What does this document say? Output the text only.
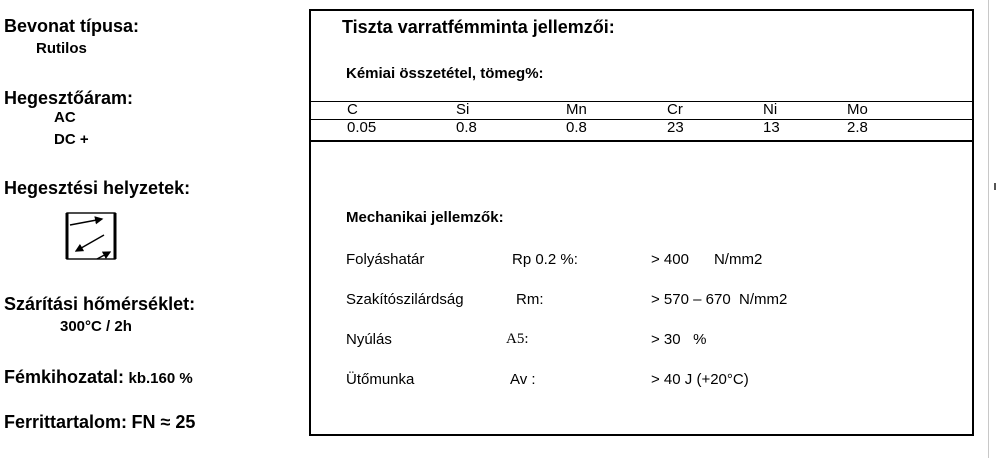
Bevonat típusa:
Rutilos
Hegesztőáram:
AC
DC +
Hegesztési helyzetek:
Szárítási hőmérséklet:
300°C / 2h
Fémkihozatal: kb.160 %
Ferrittartalom: FN ≈ 25
Tiszta varratfémminta jellemzői:
Kémiai összetétel, tömeg%:
C	Si	Mn	Cr	Ni	Mo
0.05	0.8	0.8	23	13	2.8
Mechanikai jellemzők:
Folyáshatár	Rp 0.2 %:	> 400      N/mm2
Szakítószilárdság	Rm:	> 570 – 670  N/mm2
Nyúlás	A5:	> 30   %
Ütőmunka	Av :	> 40 J (+20°C)
